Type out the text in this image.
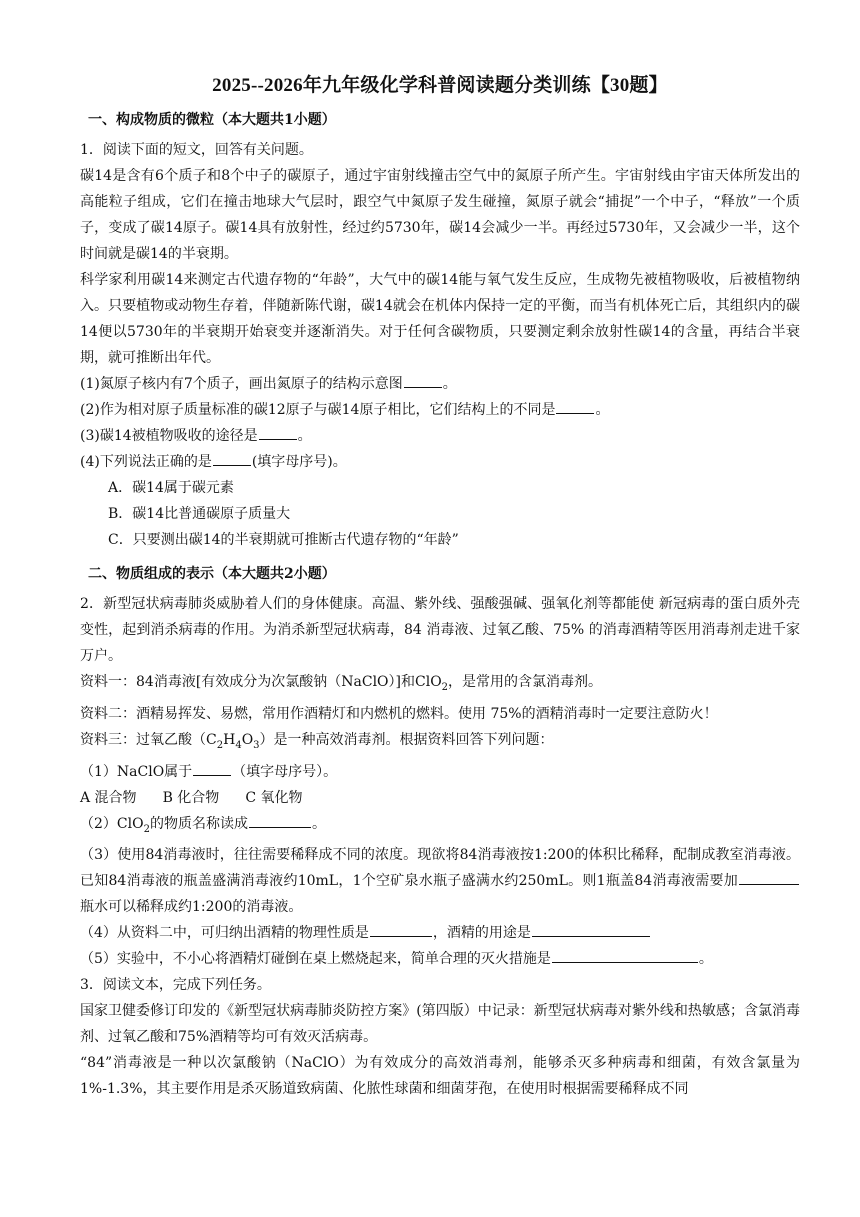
2025--2026年九年级化学科普阅读题分类训练【30题】
一、构成物质的微粒（本大题共1小题）

1．阅读下面的短文，回答有关问题。

碳14是含有6个质子和8个中子的碳原子，通过宇宙射线撞击空气中的氮原子所产生。宇宙射线由宇宙天体所发出的高能粒子组成，它们在撞击地球大气层时，跟空气中氮原子发生碰撞，氮原子就会“捕捉”一个中子，“释放”一个质子，变成了碳14原子。碳14具有放射性，经过约5730年，碳14会减少一半。再经过5730年，又会减少一半，这个时间就是碳14的半衰期。

科学家利用碳14来测定古代遗存物的“年龄”，大气中的碳14能与氧气发生反应，生成物先被植物吸收，后被植物纳入。只要植物或动物生存着，伴随新陈代谢，碳14就会在机体内保持一定的平衡，而当有机体死亡后，其组织内的碳14便以5730年的半衰期开始衰变并逐渐消失。对于任何含碳物质，只要测定剩余放射性碳14的含量，再结合半衰期，就可推断出年代。

(1)氮原子核内有7个质子，画出氮原子的结构示意图	。

(2)作为相对原子质量标准的碳12原子与碳14原子相比，它们结构上的不同是	。

(3)碳14被植物吸收的途径是	。

(4)下列说法正确的是	(填字母序号)。

A．碳14属于碳元素

B．碳14比普通碳原子质量大

C．只要测出碳14的半衰期就可推断古代遗存物的“年龄”

二、物质组成的表示（本大题共2小题）

2．新型冠状病毒肺炎威胁着人们的身体健康。高温、紫外线、强酸强碱、强氧化剂等都能使 新冠病毒的蛋白质外壳变性，起到消杀病毒的作用。为消杀新型冠状病毒，84 消毒液、过氧乙酸、75% 的消毒酒精等医用消毒剂走进千家万户。

资料一：84消毒液[有效成分为次氯酸钠（NaClO）]和ClO$_2$，是常用的含氯消毒剂。

资料二：酒精易挥发、易燃，常用作酒精灯和内燃机的燃料。使用 75%的酒精消毒时一定要注意防火！

资料三：过氧乙酸$(C_2H_4O_3)$是一种高效消毒剂。根据资料回答下列问题：

（1）NaClO属于	（填字母序号）。

A 混合物 B 化合物 C 氧化物

（2）ClO$_2$的物质名称读成	。

（3）使用84消毒液时，往往需要稀释成不同的浓度。现欲将84消毒液按1:200的体积比稀释，配制成教室消毒液。已知84消毒液的瓶盖盛满消毒液约10mL，1个空矿泉水瓶子盛满水约250mL。则1瓶盖84消毒液需要加瓶水可以稀释成约1:200的消毒液。

（4）从资料二中，可归纳出酒精的物理性质是	，酒精的用途是

（5）实验中，不小心将酒精灯碰倒在桌上燃烧起来，简单合理的灭火措施是	。

3．阅读文本，完成下列任务。

国家卫健委修订印发的《新型冠状病毒肺炎防控方案》(第四版）中记录：新型冠状病毒对紫外线和热敏感；含氯消毒剂、过氧乙酸和75%酒精等均可有效灭活病毒。

“84”消毒液是一种以次氯酸钠（NaClO）为有效成分的高效消毒剂，能够杀灭多种病毒和细菌，有效含氯量为1%-1.3%，其主要作用是杀灭肠道致病菌、化脓性球菌和细菌芽孢，在使用时根据需要稀释成不同
